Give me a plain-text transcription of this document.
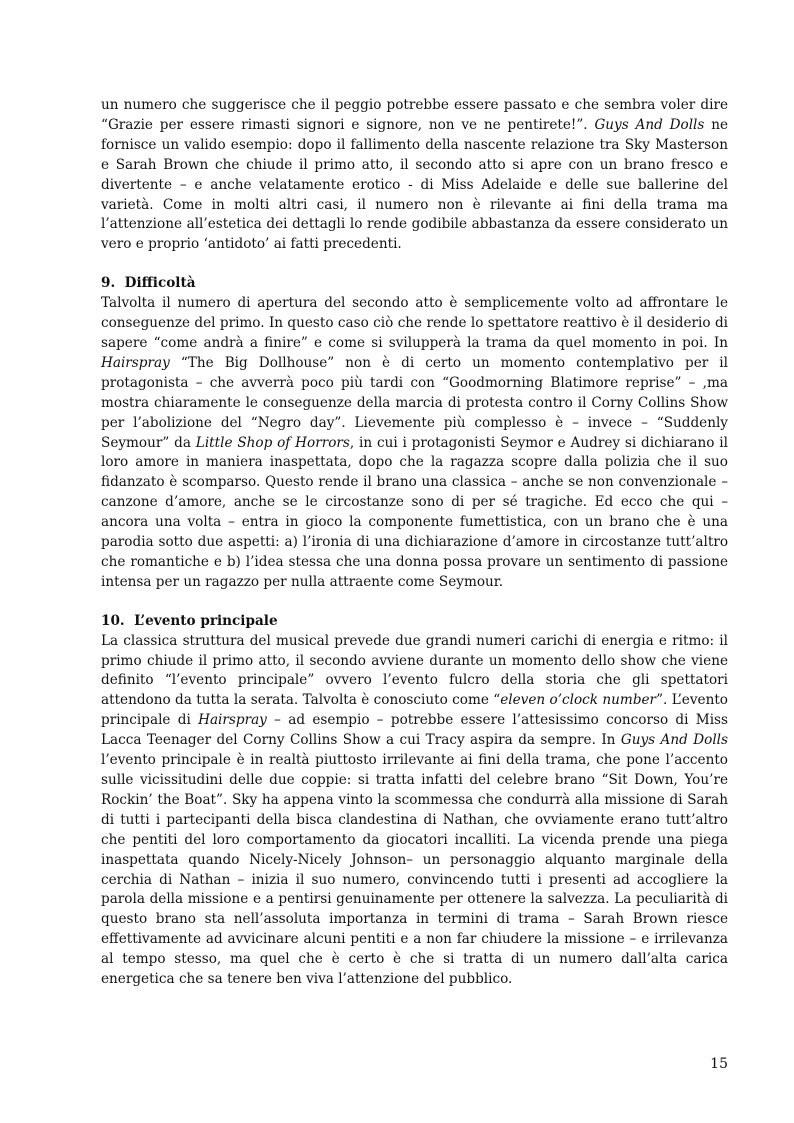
un numero che suggerisce che il peggio potrebbe essere passato e che sembra voler dire “Grazie per essere rimasti signori e signore, non ve ne pentirete!”. Guys And Dolls ne fornisce un valido esempio: dopo il fallimento della nascente relazione tra Sky Masterson e Sarah Brown che chiude il primo atto, il secondo atto si apre con un brano fresco e divertente – e anche velatamente erotico - di Miss Adelaide e delle sue ballerine del varietà. Come in molti altri casi, il numero non è rilevante ai fini della trama ma l’attenzione all’estetica dei dettagli lo rende godibile abbastanza da essere considerato un vero e proprio ‘antidoto’ ai fatti precedenti.

9. Difficoltà

Talvolta il numero di apertura del secondo atto è semplicemente volto ad affrontare le conseguenze del primo. In questo caso ciò che rende lo spettatore reattivo è il desiderio di sapere “come andrà a finire” e come si svilupperà la trama da quel momento in poi. In Hairspray “The Big Dollhouse” non è di certo un momento contemplativo per il protagonista – che avverrà poco più tardi con “Goodmorning Blatimore reprise” – ,ma mostra chiaramente le conseguenze della marcia di protesta contro il Corny Collins Show per l’abolizione del “Negro day”. Lievemente più complesso è – invece – “Suddenly Seymour” da Little Shop of Horrors, in cui i protagonisti Seymor e Audrey si dichiarano il loro amore in maniera inaspettata, dopo che la ragazza scopre dalla polizia che il suo fidanzato è scomparso. Questo rende il brano una classica – anche se non convenzionale – canzone d’amore, anche se le circostanze sono di per sé tragiche. Ed ecco che qui – ancora una volta – entra in gioco la componente fumettistica, con un brano che è una parodia sotto due aspetti: a) l’ironia di una dichiarazione d’amore in circostanze tutt’altro che romantiche e b) l’idea stessa che una donna possa provare un sentimento di passione intensa per un ragazzo per nulla attraente come Seymour.

10. L’evento principale

La classica struttura del musical prevede due grandi numeri carichi di energia e ritmo: il primo chiude il primo atto, il secondo avviene durante un momento dello show che viene definito “l’evento principale” ovvero l’evento fulcro della storia che gli spettatori attendono da tutta la serata. Talvolta è conosciuto come “eleven o’clock number”. L’evento principale di Hairspray – ad esempio – potrebbe essere l’attesissimo concorso di Miss Lacca Teenager del Corny Collins Show a cui Tracy aspira da sempre. In Guys And Dolls l’evento principale è in realtà piuttosto irrilevante ai fini della trama, che pone l’accento sulle vicissitudini delle due coppie: si tratta infatti del celebre brano “Sit Down, You’re Rockin’ the Boat”. Sky ha appena vinto la scommessa che condurrà alla missione di Sarah di tutti i partecipanti della bisca clandestina di Nathan, che ovviamente erano tutt’altro che pentiti del loro comportamento da giocatori incalliti. La vicenda prende una piega inaspettata quando Nicely-Nicely Johnson– un personaggio alquanto marginale della cerchia di Nathan – inizia il suo numero, convincendo tutti i presenti ad accogliere la parola della missione e a pentirsi genuinamente per ottenere la salvezza. La peculiarità di questo brano sta nell’assoluta importanza in termini di trama – Sarah Brown riesce effettivamente ad avvicinare alcuni pentiti e a non far chiudere la missione – e irrilevanza al tempo stesso, ma quel che è certo è che si tratta di un numero dall’alta carica energetica che sa tenere ben viva l’attenzione del pubblico.

15
